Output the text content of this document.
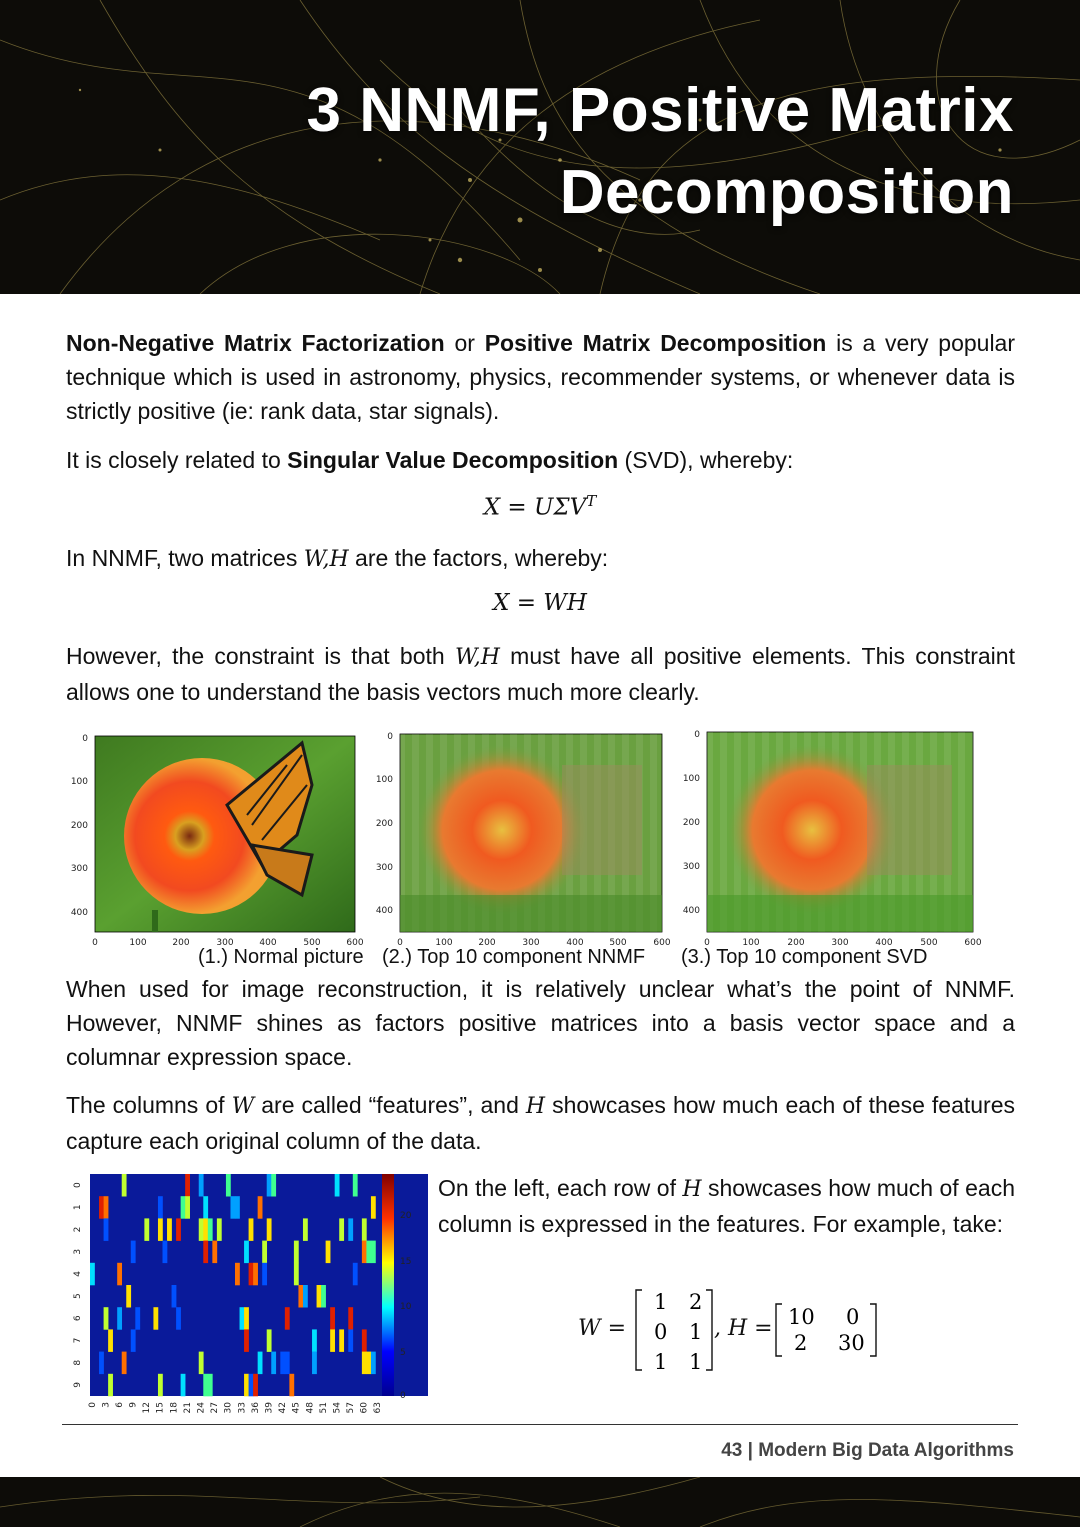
3 NNMF, Positive Matrix
Decomposition

Non-Negative Matrix Factorization or Positive Matrix Decomposition is a very popular technique which is used in astronomy, physics, recommender systems, or whenever data is strictly positive (ie: rank data, star signals).

It is closely related to Singular Value Decomposition (SVD), whereby:

$X = U\Sigma V^T$

In NNMF, two matrices W,H are the factors, whereby:

X = WH

However, the constraint is that both W,H must have all positive elements. This constraint allows one to understand the basis vectors much more clearly.

0
100
200
300
400
0	100	200	300	400	500	600
0
100
200
300
400
0	100	200	300	400	500	600
0
100
200
300
400
0	100	200	300	400	500	600
(1.) Normal picture (2.) Top 10 component NNMF (3.) Top 10 component SVD

When used for image reconstruction, it is relatively unclear what’s the point of NNMF. However, NNMF shines as factors positive matrices into a basis vector space and a columnar expression space.

The columns of W are called “features”, and H showcases how much each of these features capture each original column of the data.

0
1
2
3
4
5
6
7
8
9
0 3 6 9 12 15 18 21 24 27 30 33 36 39 42 45 48 51 54 57 60 63
0
5
10
15
20

On the left, each row of H showcases how much of each column is expressed in the features. For example, take:

W =
1 2
0 1
1 1
, H = 10 0
2 30
43 | Modern Big Data Algorithms
